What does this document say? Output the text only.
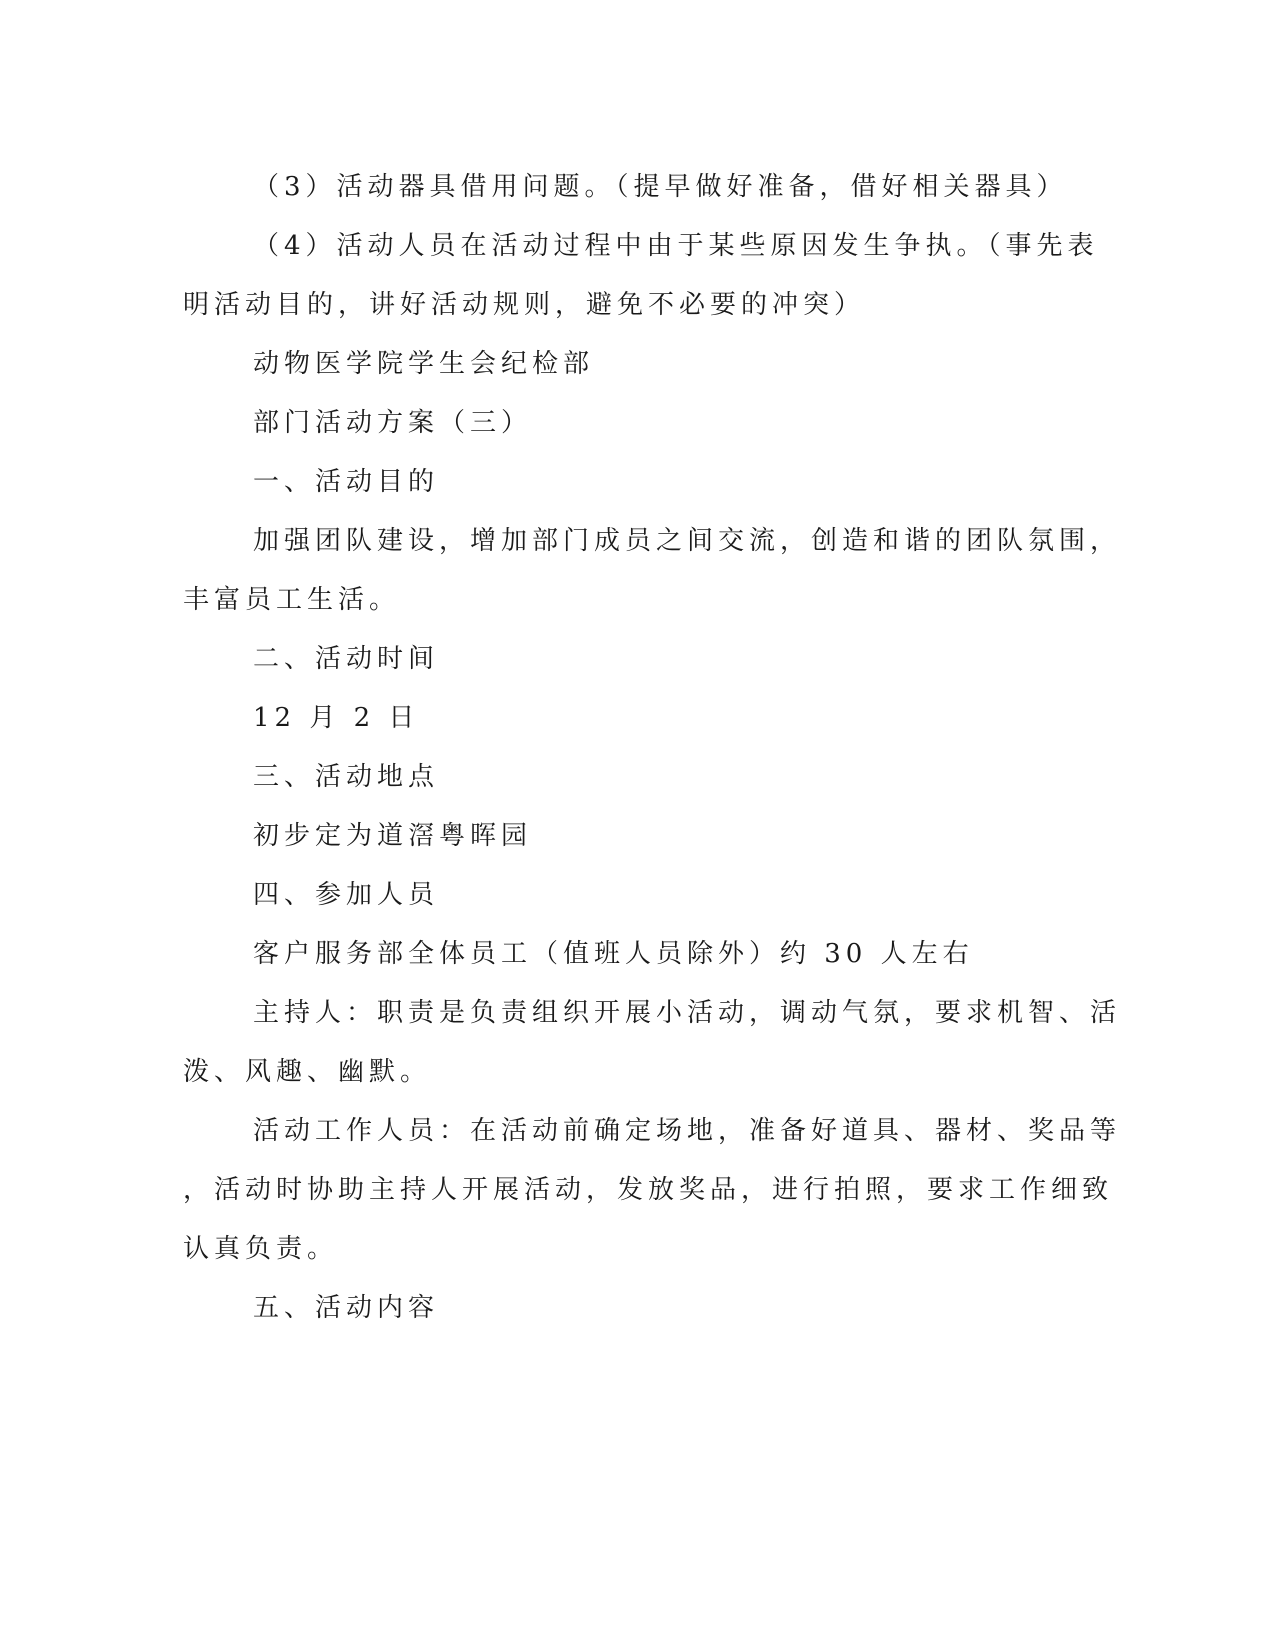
（3）活动器具借用问题。（提早做好准备，借好相关器具）

（4）活动人员在活动过程中由于某些原因发生争执。（事先表

明活动目的，讲好活动规则，避免不必要的冲突）

动物医学院学生会纪检部

部门活动方案（三）

一、活动目的

加强团队建设，增加部门成员之间交流，创造和谐的团队氛围，

丰富员工生活。

二、活动时间

12 月 2 日

三、活动地点

初步定为道滘粤晖园

四、参加人员

客户服务部全体员工（值班人员除外）约 30 人左右

主持人：职责是负责组织开展小活动，调动气氛，要求机智、活

泼、风趣、幽默。

活动工作人员：在活动前确定场地，准备好道具、器材、奖品等

，活动时协助主持人开展活动，发放奖品，进行拍照，要求工作细致

认真负责。

五、活动内容
